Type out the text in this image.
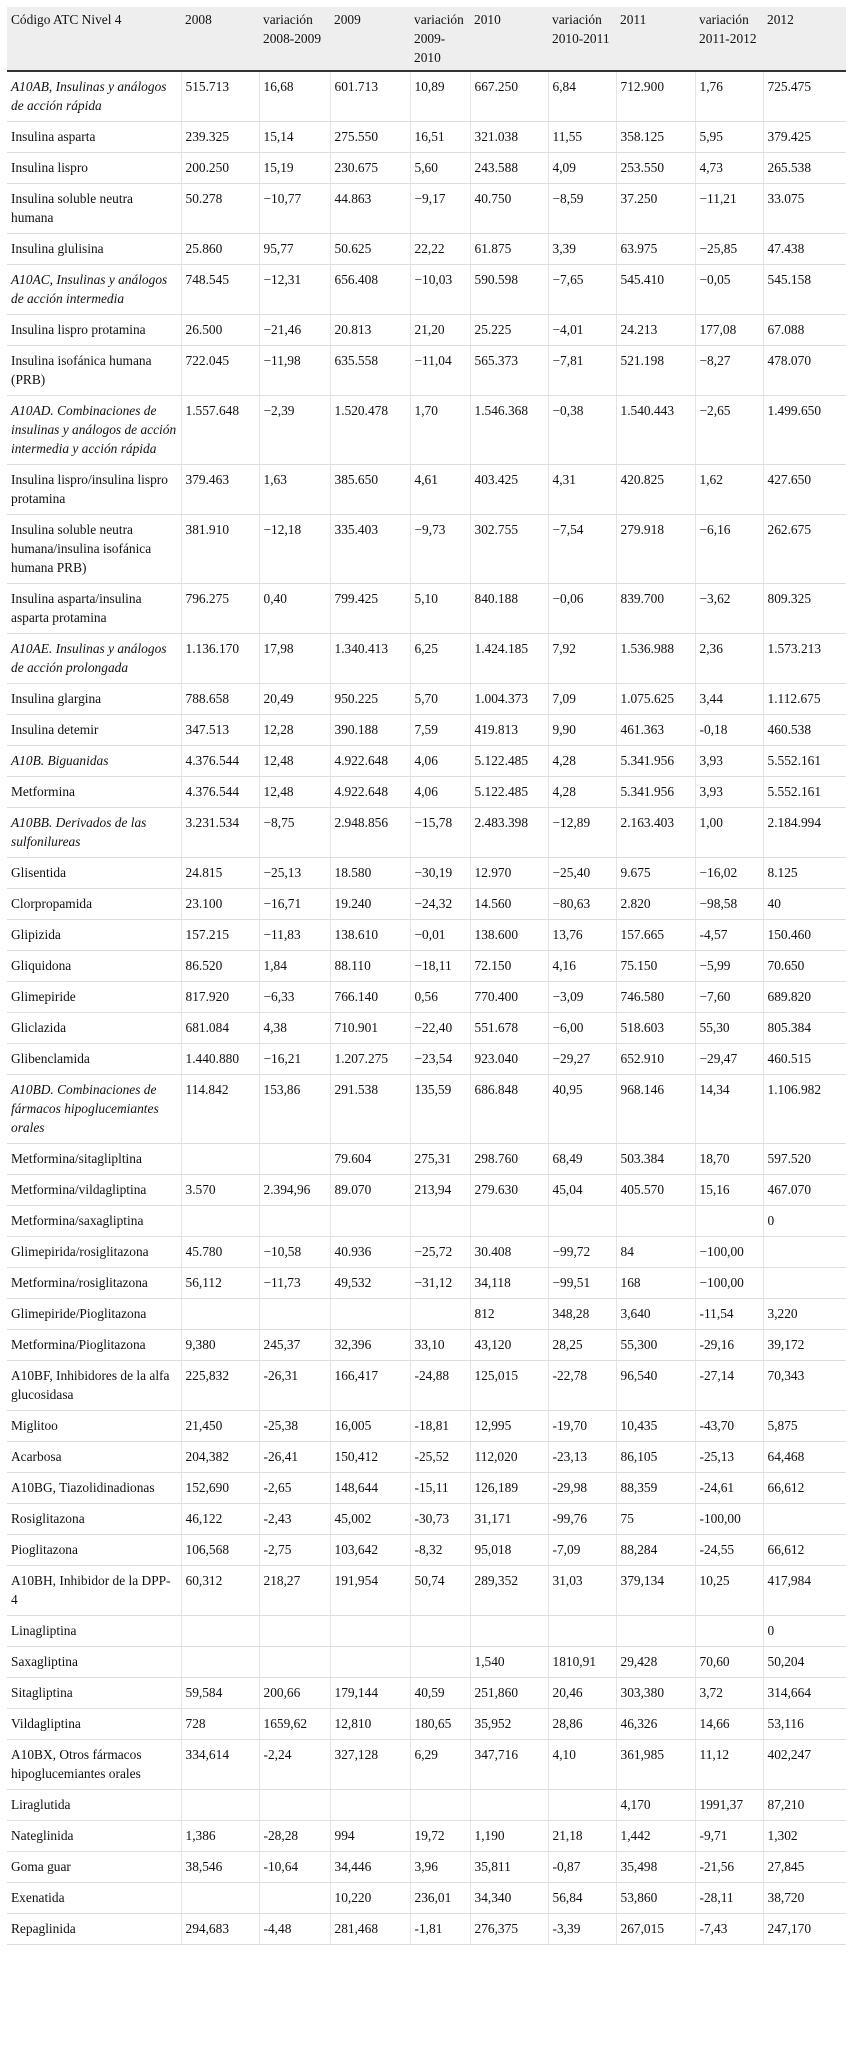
Código ATC Nivel 4	2008	variación 2008-2009	2009	variación 2009-2010	2010	variación 2010-2011	2011	variación 2011-2012	2012
A10AB, Insulinas y análogos de acción rápida	515.713	16,68	601.713	10,89	667.250	6,84	712.900	1,76	725.475
Insulina asparta	239.325	15,14	275.550	16,51	321.038	11,55	358.125	5,95	379.425
Insulina lispro	200.250	15,19	230.675	5,60	243.588	4,09	253.550	4,73	265.538
Insulina soluble neutra humana	50.278	−10,77	44.863	−9,17	40.750	−8,59	37.250	−11,21	33.075
Insulina glulisina	25.860	95,77	50.625	22,22	61.875	3,39	63.975	−25,85	47.438
A10AC, Insulinas y análogos de acción intermedia	748.545	−12,31	656.408	−10,03	590.598	−7,65	545.410	−0,05	545.158
Insulina lispro protamina	26.500	−21,46	20.813	21,20	25.225	−4,01	24.213	177,08	67.088
Insulina isofánica humana (PRB)	722.045	−11,98	635.558	−11,04	565.373	−7,81	521.198	−8,27	478.070
A10AD. Combinaciones de insulinas y análogos de acción intermedia y acción rápida	1.557.648	−2,39	1.520.478	1,70	1.546.368	−0,38	1.540.443	−2,65	1.499.650
Insulina lispro/insulina lispro protamina	379.463	1,63	385.650	4,61	403.425	4,31	420.825	1,62	427.650
Insulina soluble neutra humana/insulina isofánica humana PRB)	381.910	−12,18	335.403	−9,73	302.755	−7,54	279.918	−6,16	262.675
Insulina asparta/insulina asparta protamina	796.275	0,40	799.425	5,10	840.188	−0,06	839.700	−3,62	809.325
A10AE. Insulinas y análogos de acción prolongada	1.136.170	17,98	1.340.413	6,25	1.424.185	7,92	1.536.988	2,36	1.573.213
Insulina glargina	788.658	20,49	950.225	5,70	1.004.373	7,09	1.075.625	3,44	1.112.675
Insulina detemir	347.513	12,28	390.188	7,59	419.813	9,90	461.363	-0,18	460.538
A10B. Biguanidas	4.376.544	12,48	4.922.648	4,06	5.122.485	4,28	5.341.956	3,93	5.552.161
Metformina	4.376.544	12,48	4.922.648	4,06	5.122.485	4,28	5.341.956	3,93	5.552.161
A10BB. Derivados de las sulfonilureas	3.231.534	−8,75	2.948.856	−15,78	2.483.398	−12,89	2.163.403	1,00	2.184.994
Glisentida	24.815	−25,13	18.580	−30,19	12.970	−25,40	9.675	−16,02	8.125
Clorpropamida	23.100	−16,71	19.240	−24,32	14.560	−80,63	2.820	−98,58	40
Glipizida	157.215	−11,83	138.610	−0,01	138.600	13,76	157.665	-4,57	150.460
Gliquidona	86.520	1,84	88.110	−18,11	72.150	4,16	75.150	−5,99	70.650
Glimepiride	817.920	−6,33	766.140	0,56	770.400	−3,09	746.580	−7,60	689.820
Gliclazida	681.084	4,38	710.901	−22,40	551.678	−6,00	518.603	55,30	805.384
Glibenclamida	1.440.880	−16,21	1.207.275	−23,54	923.040	−29,27	652.910	−29,47	460.515
A10BD. Combinaciones de fármacos hipoglucemiantes orales	114.842	153,86	291.538	135,59	686.848	40,95	968.146	14,34	1.106.982
Metformina/sitaglipltina			79.604	275,31	298.760	68,49	503.384	18,70	597.520
Metformina/vildagliptina	3.570	2.394,96	89.070	213,94	279.630	45,04	405.570	15,16	467.070
Metformina/saxagliptina									0
Glimepirida/rosiglitazona	45.780	−10,58	40.936	−25,72	30.408	−99,72	84	−100,00	
Metformina/rosiglitazona	56,112	−11,73	49,532	−31,12	34,118	−99,51	168	−100,00	
Glimepiride/Pioglitazona					812	348,28	3,640	-11,54	3,220
Metformina/Pioglitazona	9,380	245,37	32,396	33,10	43,120	28,25	55,300	-29,16	39,172
A10BF, Inhibidores de la alfa glucosidasa	225,832	-26,31	166,417	-24,88	125,015	-22,78	96,540	-27,14	70,343
Miglitoo	21,450	-25,38	16,005	-18,81	12,995	-19,70	10,435	-43,70	5,875
Acarbosa	204,382	-26,41	150,412	-25,52	112,020	-23,13	86,105	-25,13	64,468
A10BG, Tiazolidinadionas	152,690	-2,65	148,644	-15,11	126,189	-29,98	88,359	-24,61	66,612
Rosiglitazona	46,122	-2,43	45,002	-30,73	31,171	-99,76	75	-100,00	
Pioglitazona	106,568	-2,75	103,642	-8,32	95,018	-7,09	88,284	-24,55	66,612
A10BH, Inhibidor de la DPP-4	60,312	218,27	191,954	50,74	289,352	31,03	379,134	10,25	417,984
Linagliptina									0
Saxagliptina					1,540	1810,91	29,428	70,60	50,204
Sitagliptina	59,584	200,66	179,144	40,59	251,860	20,46	303,380	3,72	314,664
Vildagliptina	728	1659,62	12,810	180,65	35,952	28,86	46,326	14,66	53,116
A10BX, Otros fármacos hipoglucemiantes orales	334,614	-2,24	327,128	6,29	347,716	4,10	361,985	11,12	402,247
Liraglutida							4,170	1991,37	87,210
Nateglinida	1,386	-28,28	994	19,72	1,190	21,18	1,442	-9,71	1,302
Goma guar	38,546	-10,64	34,446	3,96	35,811	-0,87	35,498	-21,56	27,845
Exenatida			10,220	236,01	34,340	56,84	53,860	-28,11	38,720
Repaglinida	294,683	-4,48	281,468	-1,81	276,375	-3,39	267,015	-7,43	247,170
